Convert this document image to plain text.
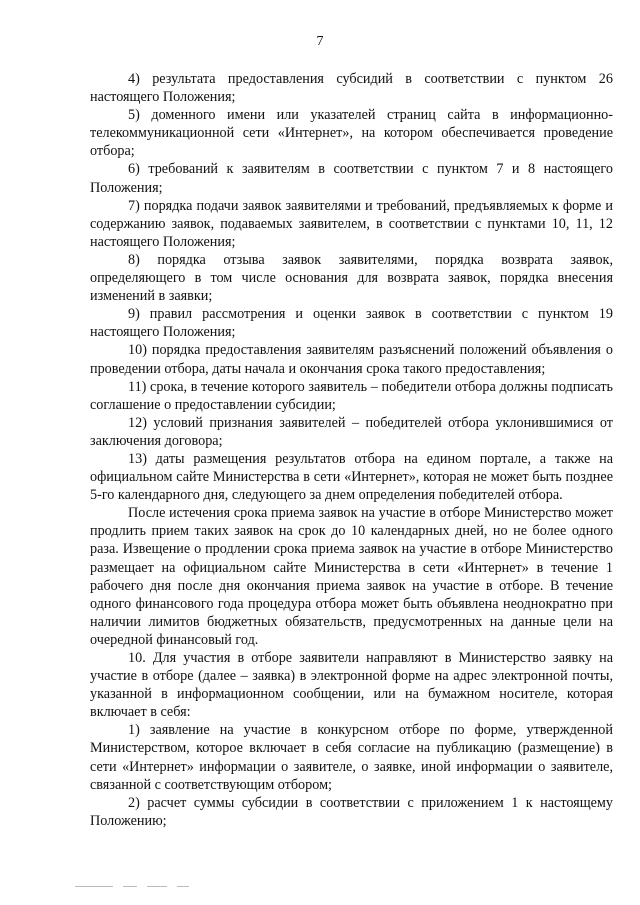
7

4) результата предоставления субсидий в соответствии с пунктом 26 настоящего Положения;

5) доменного имени или указателей страниц сайта в информационно-телекоммуникационной сети «Интернет», на котором обеспечивается проведение отбора;

6) требований к заявителям в соответствии с пунктом 7 и 8 настоящего Положения;

7) порядка подачи заявок заявителями и требований, предъявляемых к форме и содержанию заявок, подаваемых заявителем, в соответствии с пунктами 10, 11, 12 настоящего Положения;

8) порядка отзыва заявок заявителями, порядка возврата заявок, определяющего в том числе основания для возврата заявок, порядка внесения изменений в заявки;

9) правил рассмотрения и оценки заявок в соответствии с пунктом 19 настоящего Положения;

10) порядка предоставления заявителям разъяснений положений объявления о проведении отбора, даты начала и окончания срока такого предоставления;

11) срока, в течение которого заявитель – победители отбора должны подписать соглашение о предоставлении субсидии;

12) условий признания заявителей – победителей отбора уклонившимися от заключения договора;

13) даты размещения результатов отбора на едином портале, а также на официальном сайте Министерства в сети «Интернет», которая не может быть позднее 5-го календарного дня, следующего за днем определения победителей отбора.

После истечения срока приема заявок на участие в отборе Министерство может продлить прием таких заявок на срок до 10 календарных дней, но не более одного раза. Извещение о продлении срока приема заявок на участие в отборе Министерство размещает на официальном сайте Министерства в сети «Интернет» в течение 1 рабочего дня после дня окончания приема заявок на участие в отборе. В течение одного финансового года процедура отбора может быть объявлена неоднократно при наличии лимитов бюджетных обязательств, предусмотренных на данные цели на очередной финансовый год.

10. Для участия в отборе заявители направляют в Министерство заявку на участие в отборе (далее – заявка) в электронной форме на адрес электронной почты, указанной в информационном сообщении, или на бумажном носителе, которая включает в себя:

1) заявление на участие в конкурсном отборе по форме, утвержденной Министерством, которое включает в себя согласие на публикацию (размещение) в сети «Интернет» информации о заявителе, о заявке, иной информации о заявителе, связанной с соответствующим отбором;

2) расчет суммы субсидии в соответствии с приложением 1 к настоящему Положению;
